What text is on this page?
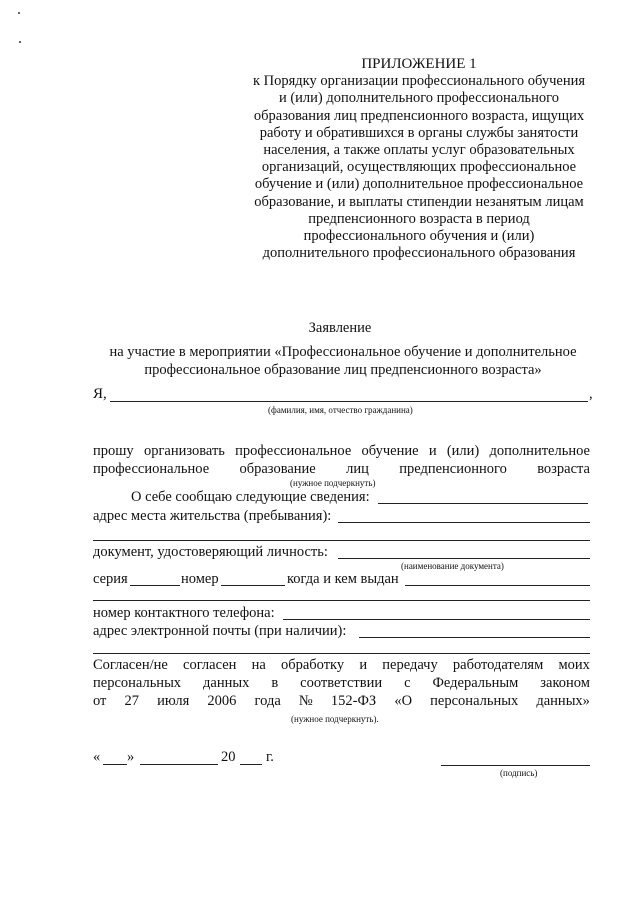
ПРИЛОЖЕНИЕ 1
к Порядку организации профессионального обучения
и (или) дополнительного профессионального
образования лиц предпенсионного возраста, ищущих
работу и обратившихся в органы службы занятости
населения, а также оплаты услуг образовательных
организаций, осуществляющих профессиональное
обучение и (или) дополнительное профессиональное
образование, и выплаты стипендии незанятым лицам
предпенсионного возраста в период
профессионального обучения и (или)
дополнительного профессионального образования
Заявление
на участие в мероприятии «Профессиональное обучение и дополнительное
профессиональное образование лиц предпенсионного возраста»
Я,	,
(фамилия, имя, отчество гражданина)
прошу организовать профессиональное обучение и (или) дополнительное
профессиональное образование лиц предпенсионного возраста
(нужное подчеркнуть)
О себе сообщаю следующие сведения:
адрес места жительства (пребывания):
документ, удостоверяющий личность:
(наименование документа)
серия	номер	когда и кем выдан
номер контактного телефона:
адрес электронной почты (при наличии):
Согласен/не согласен на обработку и передачу работодателям моих
персональных данных в соответствии с Федеральным законом
от 27 июля 2006 года № 152-ФЗ «О персональных данных»
(нужное подчеркнуть).
« »	20 г.
(подпись)
